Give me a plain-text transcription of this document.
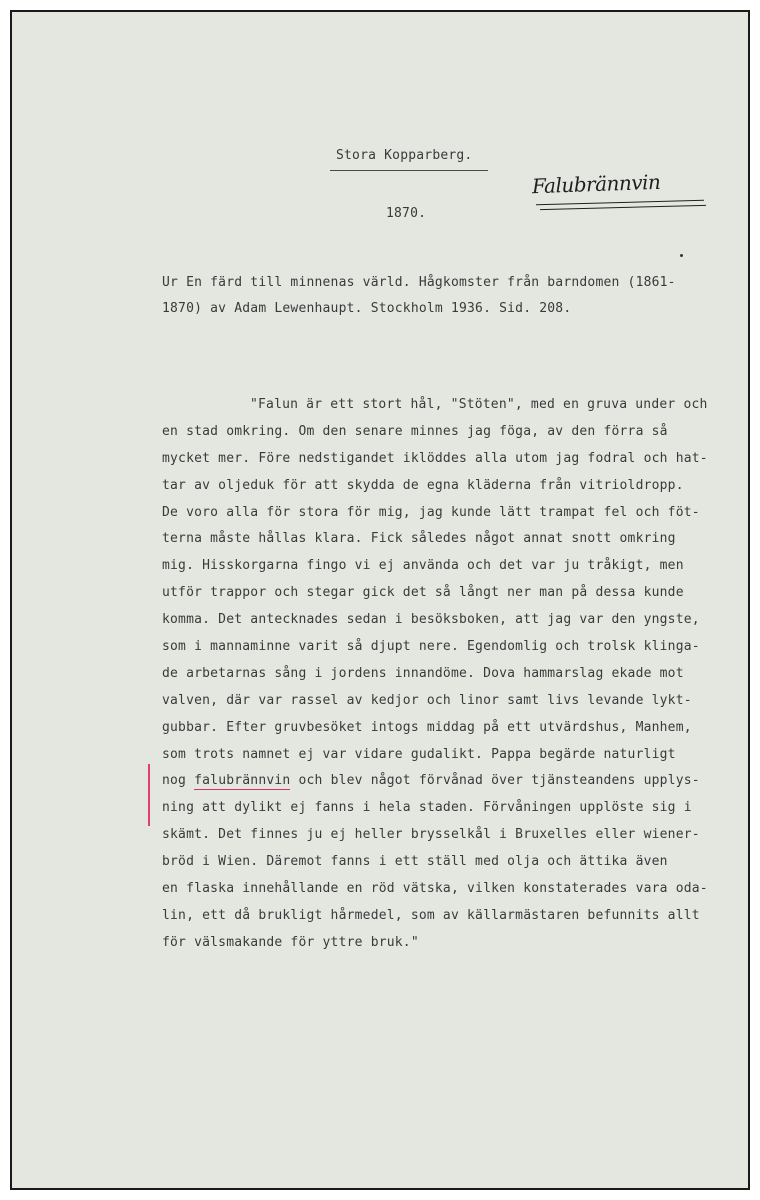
Stora Kopparberg.
Falubrännvin
1870.
Ur En färd till minnenas värld. Hågkomster från barndomen (1861-
1870) av Adam Lewenhaupt. Stockholm 1936. Sid. 208.
"Falun är ett stort hål, "Stöten", med en gruva under och
en stad omkring. Om den senare minnes jag föga, av den förra så
mycket mer. Före nedstigandet iklöddes alla utom jag fodral och hat-
tar av oljeduk för att skydda de egna kläderna från vitrioldropp.
De voro alla för stora för mig, jag kunde lätt trampat fel och föt-
terna måste hållas klara. Fick således något annat snott omkring
mig. Hisskorgarna fingo vi ej använda och det var ju tråkigt, men
utför trappor och stegar gick det så långt ner man på dessa kunde
komma. Det antecknades sedan i besöksboken, att jag var den yngste,
som i mannaminne varit så djupt nere. Egendomlig och trolsk klinga-
de arbetarnas sång i jordens innandöme. Dova hammarslag ekade mot
valven, där var rassel av kedjor och linor samt livs levande lykt-
gubbar. Efter gruvbesöket intogs middag på ett utvärdshus, Manhem,
som trots namnet ej var vidare gudalikt. Pappa begärde naturligt
nog falubrännvin och blev något förvånad över tjänsteandens upplys-
ning att dylikt ej fanns i hela staden. Förvåningen upplöste sig i
skämt. Det finnes ju ej heller brysselkål i Bruxelles eller wiener-
bröd i Wien. Däremot fanns i ett ställ med olja och ättika även
en flaska innehållande en röd vätska, vilken konstaterades vara oda-
lin, ett då brukligt hårmedel, som av källarmästaren befunnits allt
för välsmakande för yttre bruk."
